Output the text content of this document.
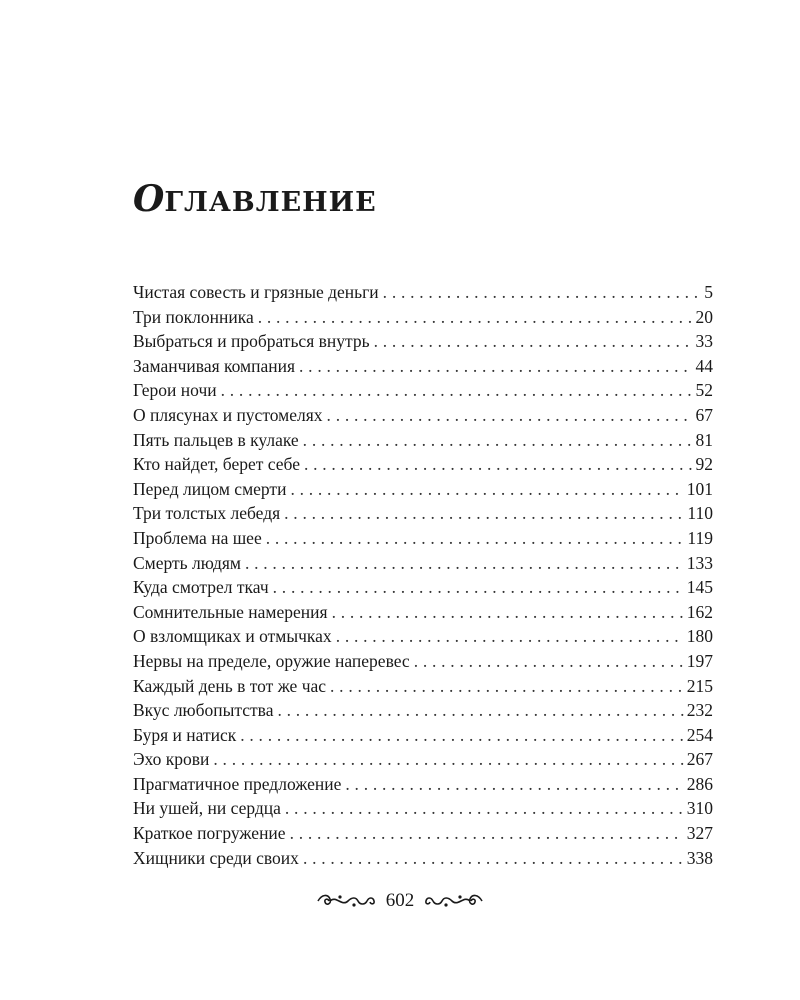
ОГЛАВЛЕНИЕ
Чистая совесть и грязные деньги . . .	5
Три поклонника . . .	20
Выбраться и пробраться внутрь . . .	33
Заманчивая компания . . .	44
Герои ночи . . .	52
О плясунах и пустомелях . . .	67
Пять пальцев в кулаке . . .	81
Кто найдет, берет себе . . .	92
Перед лицом смерти . . .	101
Три толстых лебедя . . .	110
Проблема на шее . . .	119
Смерть людям . . .	133
Куда смотрел ткач . . .	145
Сомнительные намерения . . .	162
О взломщиках и отмычках . . .	180
Нервы на пределе, оружие наперевес . . .	197
Каждый день в тот же час . . .	215
Вкус любопытства . . .	232
Буря и натиск . . .	254
Эхо крови . . .	267
Прагматичное предложение . . .	286
Ни ушей, ни сердца . . .	310
Краткое погружение . . .	327
Хищники среди своих . . .	338
602
